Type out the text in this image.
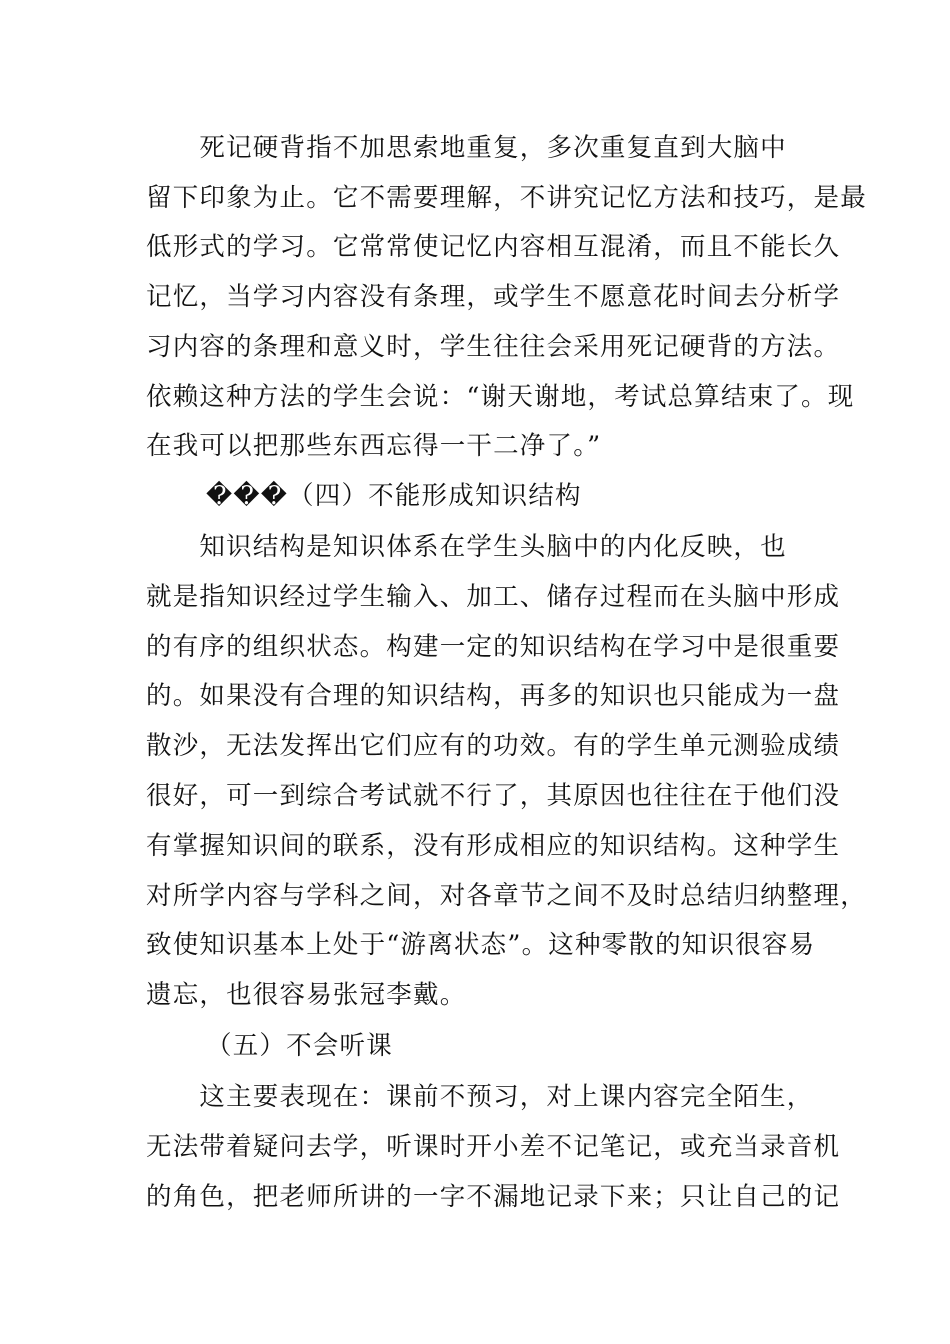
　　死记硬背指不加思索地重复，多次重复直到大脑中
留下印象为止。它不需要理解，不讲究记忆方法和技巧，是最
低形式的学习。它常常使记忆内容相互混淆，而且不能长久
记忆，当学习内容没有条理，或学生不愿意花时间去分析学
习内容的条理和意义时，学生往往会采用死记硬背的方法。
依赖这种方法的学生会说：“谢天谢地，考试总算结束了。现
在我可以把那些东西忘得一干二净了。”
���（四）不能形成知识结构
　　知识结构是知识体系在学生头脑中的内化反映，也
就是指知识经过学生输入、加工、储存过程而在头脑中形成
的有序的组织状态。构建一定的知识结构在学习中是很重要
的。如果没有合理的知识结构，再多的知识也只能成为一盘
散沙，无法发挥出它们应有的功效。有的学生单元测验成绩
很好，可一到综合考试就不行了，其原因也往往在于他们没
有掌握知识间的联系，没有形成相应的知识结构。这种学生
对所学内容与学科之间，对各章节之间不及时总结归纳整理，
致使知识基本上处于“游离状态”。这种零散的知识很容易
遗忘，也很容易张冠李戴。
（五）不会听课
　　这主要表现在：课前不预习，对上课内容完全陌生，
无法带着疑问去学，听课时开小差不记笔记，或充当录音机
的角色，把老师所讲的一字不漏地记录下来；只让自己的记
